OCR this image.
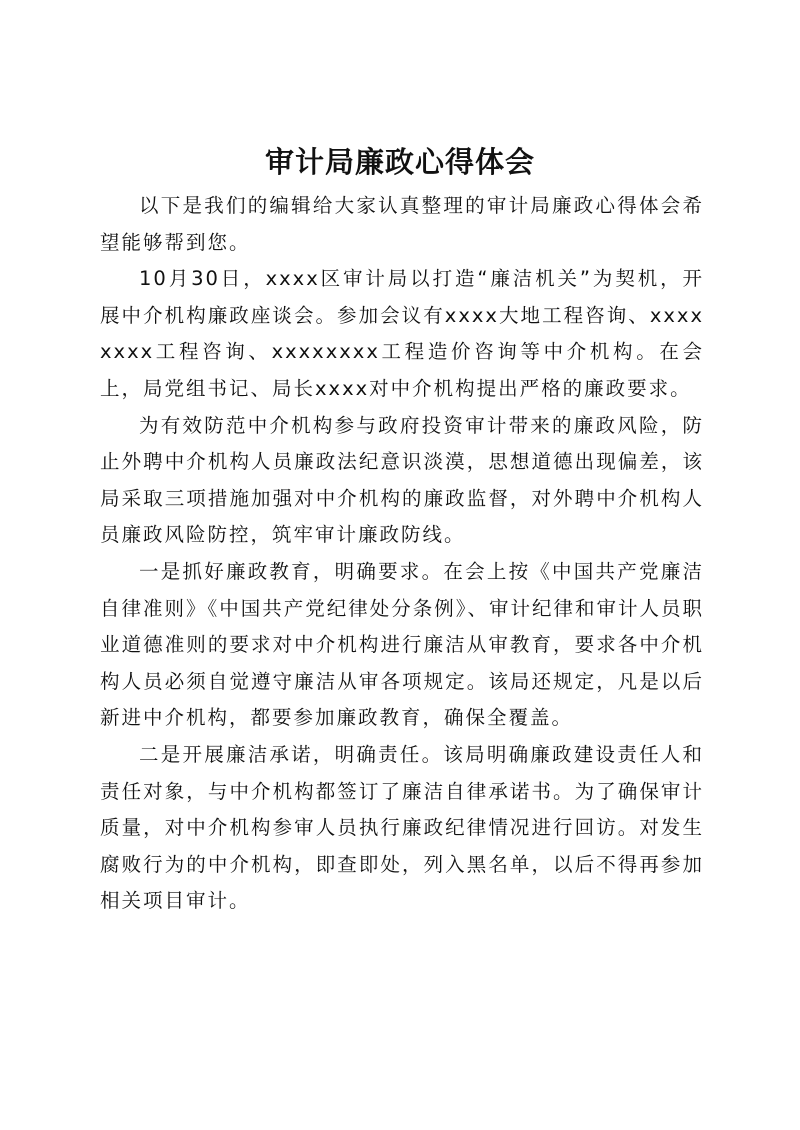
审计局廉政心得体会

以下是我们的编辑给大家认真整理的审计局廉政心得体会希望能够帮到您。

10月30日，xxxx区审计局以打造“廉洁机关”为契机，开展中介机构廉政座谈会。参加会议有xxxx大地工程咨询、xxxxxxxx工程咨询、xxxxxxxx工程造价咨询等中介机构。在会上，局党组书记、局长xxxx对中介机构提出严格的廉政要求。

为有效防范中介机构参与政府投资审计带来的廉政风险，防止外聘中介机构人员廉政法纪意识淡漠，思想道德出现偏差，该局采取三项措施加强对中介机构的廉政监督，对外聘中介机构人员廉政风险防控，筑牢审计廉政防线。

一是抓好廉政教育，明确要求。在会上按《中国共产党廉洁自律准则》《中国共产党纪律处分条例》、审计纪律和审计人员职业道德准则的要求对中介机构进行廉洁从审教育，要求各中介机构人员必须自觉遵守廉洁从审各项规定。该局还规定，凡是以后新进中介机构，都要参加廉政教育，确保全覆盖。

二是开展廉洁承诺，明确责任。该局明确廉政建设责任人和责任对象，与中介机构都签订了廉洁自律承诺书。为了确保审计质量，对中介机构参审人员执行廉政纪律情况进行回访。对发生腐败行为的中介机构，即查即处，列入黑名单，以后不得再参加相关项目审计。
